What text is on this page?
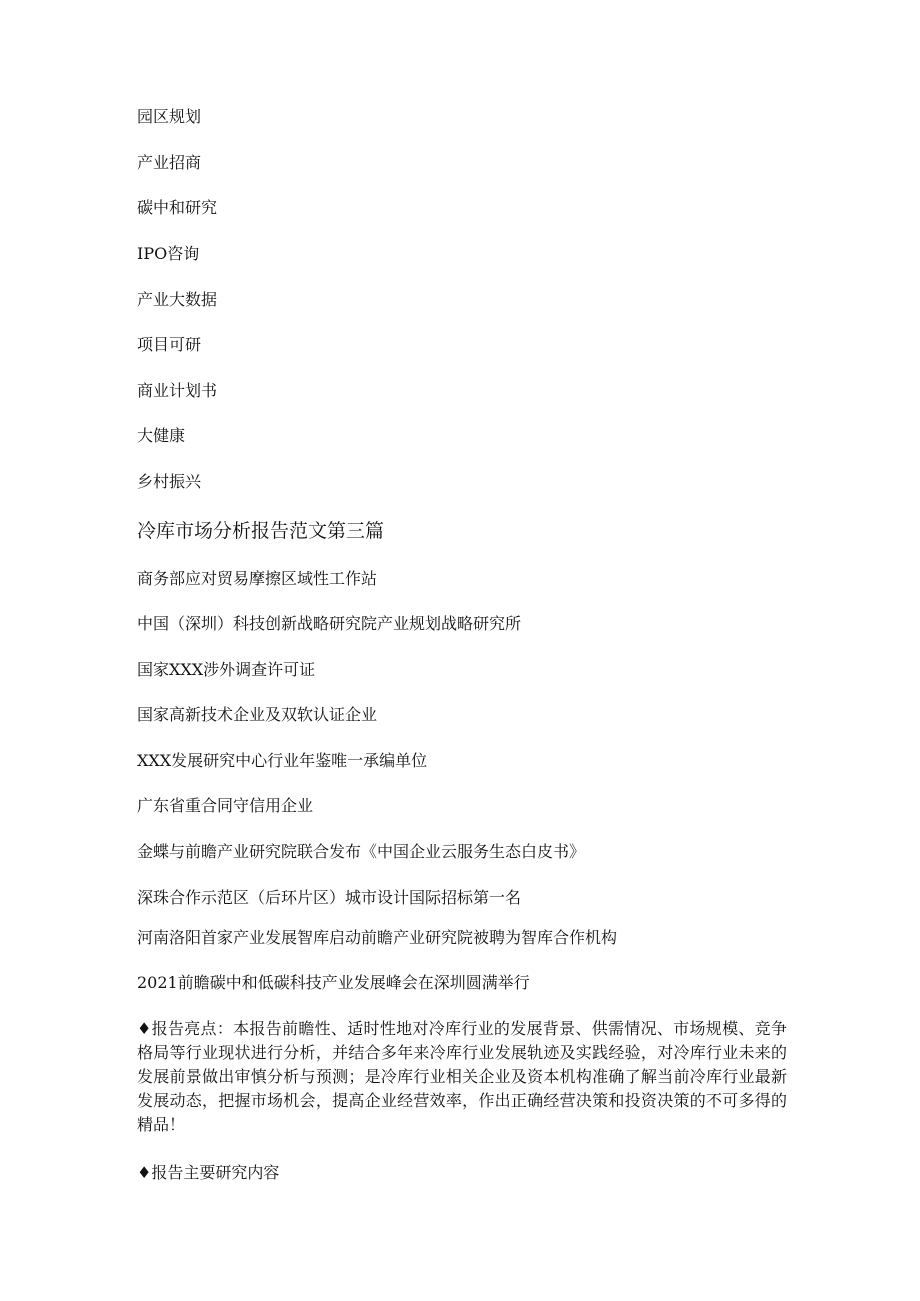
园区规划

产业招商

碳中和研究

IPO咨询

产业大数据

项目可研

商业计划书

大健康

乡村振兴

冷库市场分析报告范文第三篇

商务部应对贸易摩擦区域性工作站

中国（深圳）科技创新战略研究院产业规划战略研究所

国家XXX涉外调查许可证

国家高新技术企业及双软认证企业

XXX发展研究中心行业年鉴唯一承编单位

广东省重合同守信用企业

金蝶与前瞻产业研究院联合发布《中国企业云服务生态白皮书》

深珠合作示范区（后环片区）城市设计国际招标第一名

河南洛阳首家产业发展智库启动前瞻产业研究院被聘为智库合作机构

2021前瞻碳中和低碳科技产业发展峰会在深圳圆满举行

♦报告亮点：本报告前瞻性、适时性地对冷库行业的发展背景、供需情况、市场规模、竞争格局等行业现状进行分析，并结合多年来冷库行业发展轨迹及实践经验，对冷库行业未来的发展前景做出审慎分析与预测；是冷库行业相关企业及资本机构准确了解当前冷库行业最新发展动态，把握市场机会，提高企业经营效率，作出正确经营决策和投资决策的不可多得的精品！

♦报告主要研究内容
